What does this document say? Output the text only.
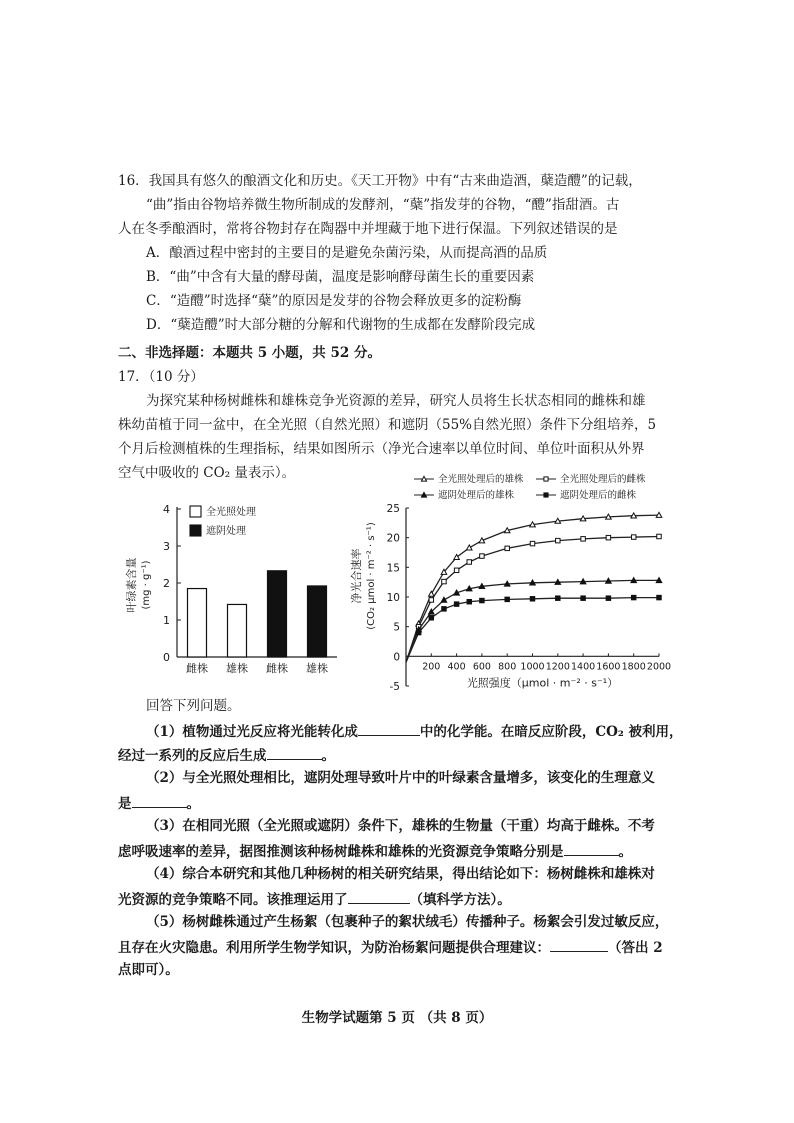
16．我国具有悠久的酿酒文化和历史。《天工开物》中有“古来曲造酒，蘖造醴”的记载，
“曲”指由谷物培养微生物所制成的发酵剂，“蘖”指发芽的谷物，“醴”指甜酒。古
人在冬季酿酒时，常将谷物封存在陶器中并埋藏于地下进行保温。下列叙述错误的是
A．酿酒过程中密封的主要目的是避免杂菌污染，从而提高酒的品质
B．“曲”中含有大量的酵母菌，温度是影响酵母菌生长的重要因素
C．“造醴”时选择“蘖”的原因是发芽的谷物会释放更多的淀粉酶
D．“蘖造醴”时大部分糖的分解和代谢物的生成都在发酵阶段完成
二、非选择题：本题共 5 小题，共 52 分。
17．（10 分）
为探究某种杨树雌株和雄株竞争光资源的差异，研究人员将生长状态相同的雌株和雄
株幼苗植于同一盆中，在全光照（自然光照）和遮阴（55%自然光照）条件下分组培养，5
个月后检测植株的生理指标，结果如图所示（净光合速率以单位时间、单位叶面积从外界
空气中吸收的 CO₂ 量表示）。
0
1
2
3
4
叶绿素含量 (mg · g⁻¹)
雌株 雄株 雌株 雄株
全光照处理
遮阴处理
-5
0
5
10
15
20
25
200 400 600 800 1000 1200 1400 1600 1800 2000
净光合速率 (CO₂ μmol · m⁻² · s⁻¹)
光照强度（μmol · m⁻² · s⁻¹）
全光照处理后的雄株	全光照处理后的雌株
遮阴处理后的雄株	遮阴处理后的雌株
回答下列问题。
（1）植物通过光反应将光能转化成	中的化学能。在暗反应阶段，CO₂ 被利用，
经过一系列的反应后生成	。
（2）与全光照处理相比，遮阴处理导致叶片中的叶绿素含量增多，该变化的生理意义
是	。
（3）在相同光照（全光照或遮阴）条件下，雄株的生物量（干重）均高于雌株。不考
虑呼吸速率的差异，据图推测该种杨树雌株和雄株的光资源竞争策略分别是	。
（4）综合本研究和其他几种杨树的相关研究结果，得出结论如下：杨树雌株和雄株对
光资源的竞争策略不同。该推理运用了	（填科学方法）。
（5）杨树雌株通过产生杨絮（包裹种子的絮状绒毛）传播种子。杨絮会引发过敏反应，
且存在火灾隐患。利用所学生物学知识，为防治杨絮问题提供合理建议：	（答出 2
点即可）。
生物学试题第 5 页 （共 8 页）
